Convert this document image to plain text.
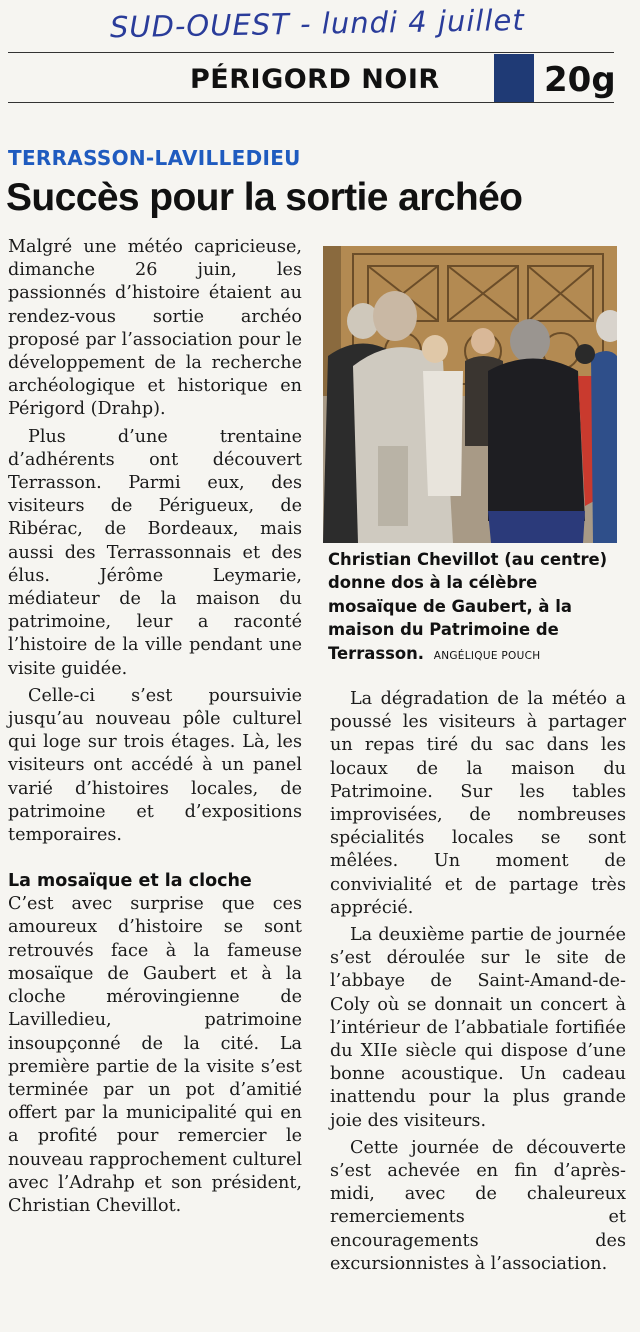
SUD-OUEST - lundi 4 juillet
PÉRIGORD NOIR	20g
TERRASSON-LAVILLEDIEU
Succès pour la sortie archéo

Malgré une météo capricieuse, dimanche 26 juin, les passionnés d’histoire étaient au rendez-vous sortie archéo proposé par l’association pour le développement de la recherche archéologique et historique en Périgord (Drahp).

Plus d’une trentaine d’adhérents ont découvert Terrasson. Parmi eux, des visiteurs de Périgueux, de Ribérac, de Bordeaux, mais aussi des Terrassonnais et des élus. Jérôme Leymarie, médiateur de la maison du patrimoine, leur a raconté l’histoire de la ville pendant une visite guidée.

Celle-ci s’est poursuivie jusqu’au nouveau pôle culturel qui loge sur trois étages. Là, les visiteurs ont accédé à un panel varié d’histoires locales, de patrimoine et d’expositions temporaires.

La mosaïque et la cloche

C’est avec surprise que ces amoureux d’histoire se sont retrouvés face à la fameuse mosaïque de Gaubert et à la cloche mérovingienne de Lavilledieu, patrimoine insoupçonné de la cité. La première partie de la visite s’est terminée par un pot d’amitié offert par la municipalité qui en a profité pour remercier le nouveau rapprochement culturel avec l’Adrahp et son président, Christian Chevillot.

Christian Chevillot (au centre) donne dos à la célèbre mosaïque de Gaubert, à la maison du Patrimoine de Terrasson. ANGÉLIQUE POUCH

La dégradation de la météo a poussé les visiteurs à partager un repas tiré du sac dans les locaux de la maison du Patrimoine. Sur les tables improvisées, de nombreuses spécialités locales se sont mêlées. Un moment de convivialité et de partage très apprécié.

La deuxième partie de journée s’est déroulée sur le site de l’abbaye de Saint-Amand-de-Coly où se donnait un concert à l’intérieur de l’abbatiale fortifiée du XIIe siècle qui dispose d’une bonne acoustique. Un cadeau inattendu pour la plus grande joie des visiteurs.

Cette journée de découverte s’est achevée en fin d’après-midi, avec de chaleureux remerciements et encouragements des excursionnistes à l’association.
